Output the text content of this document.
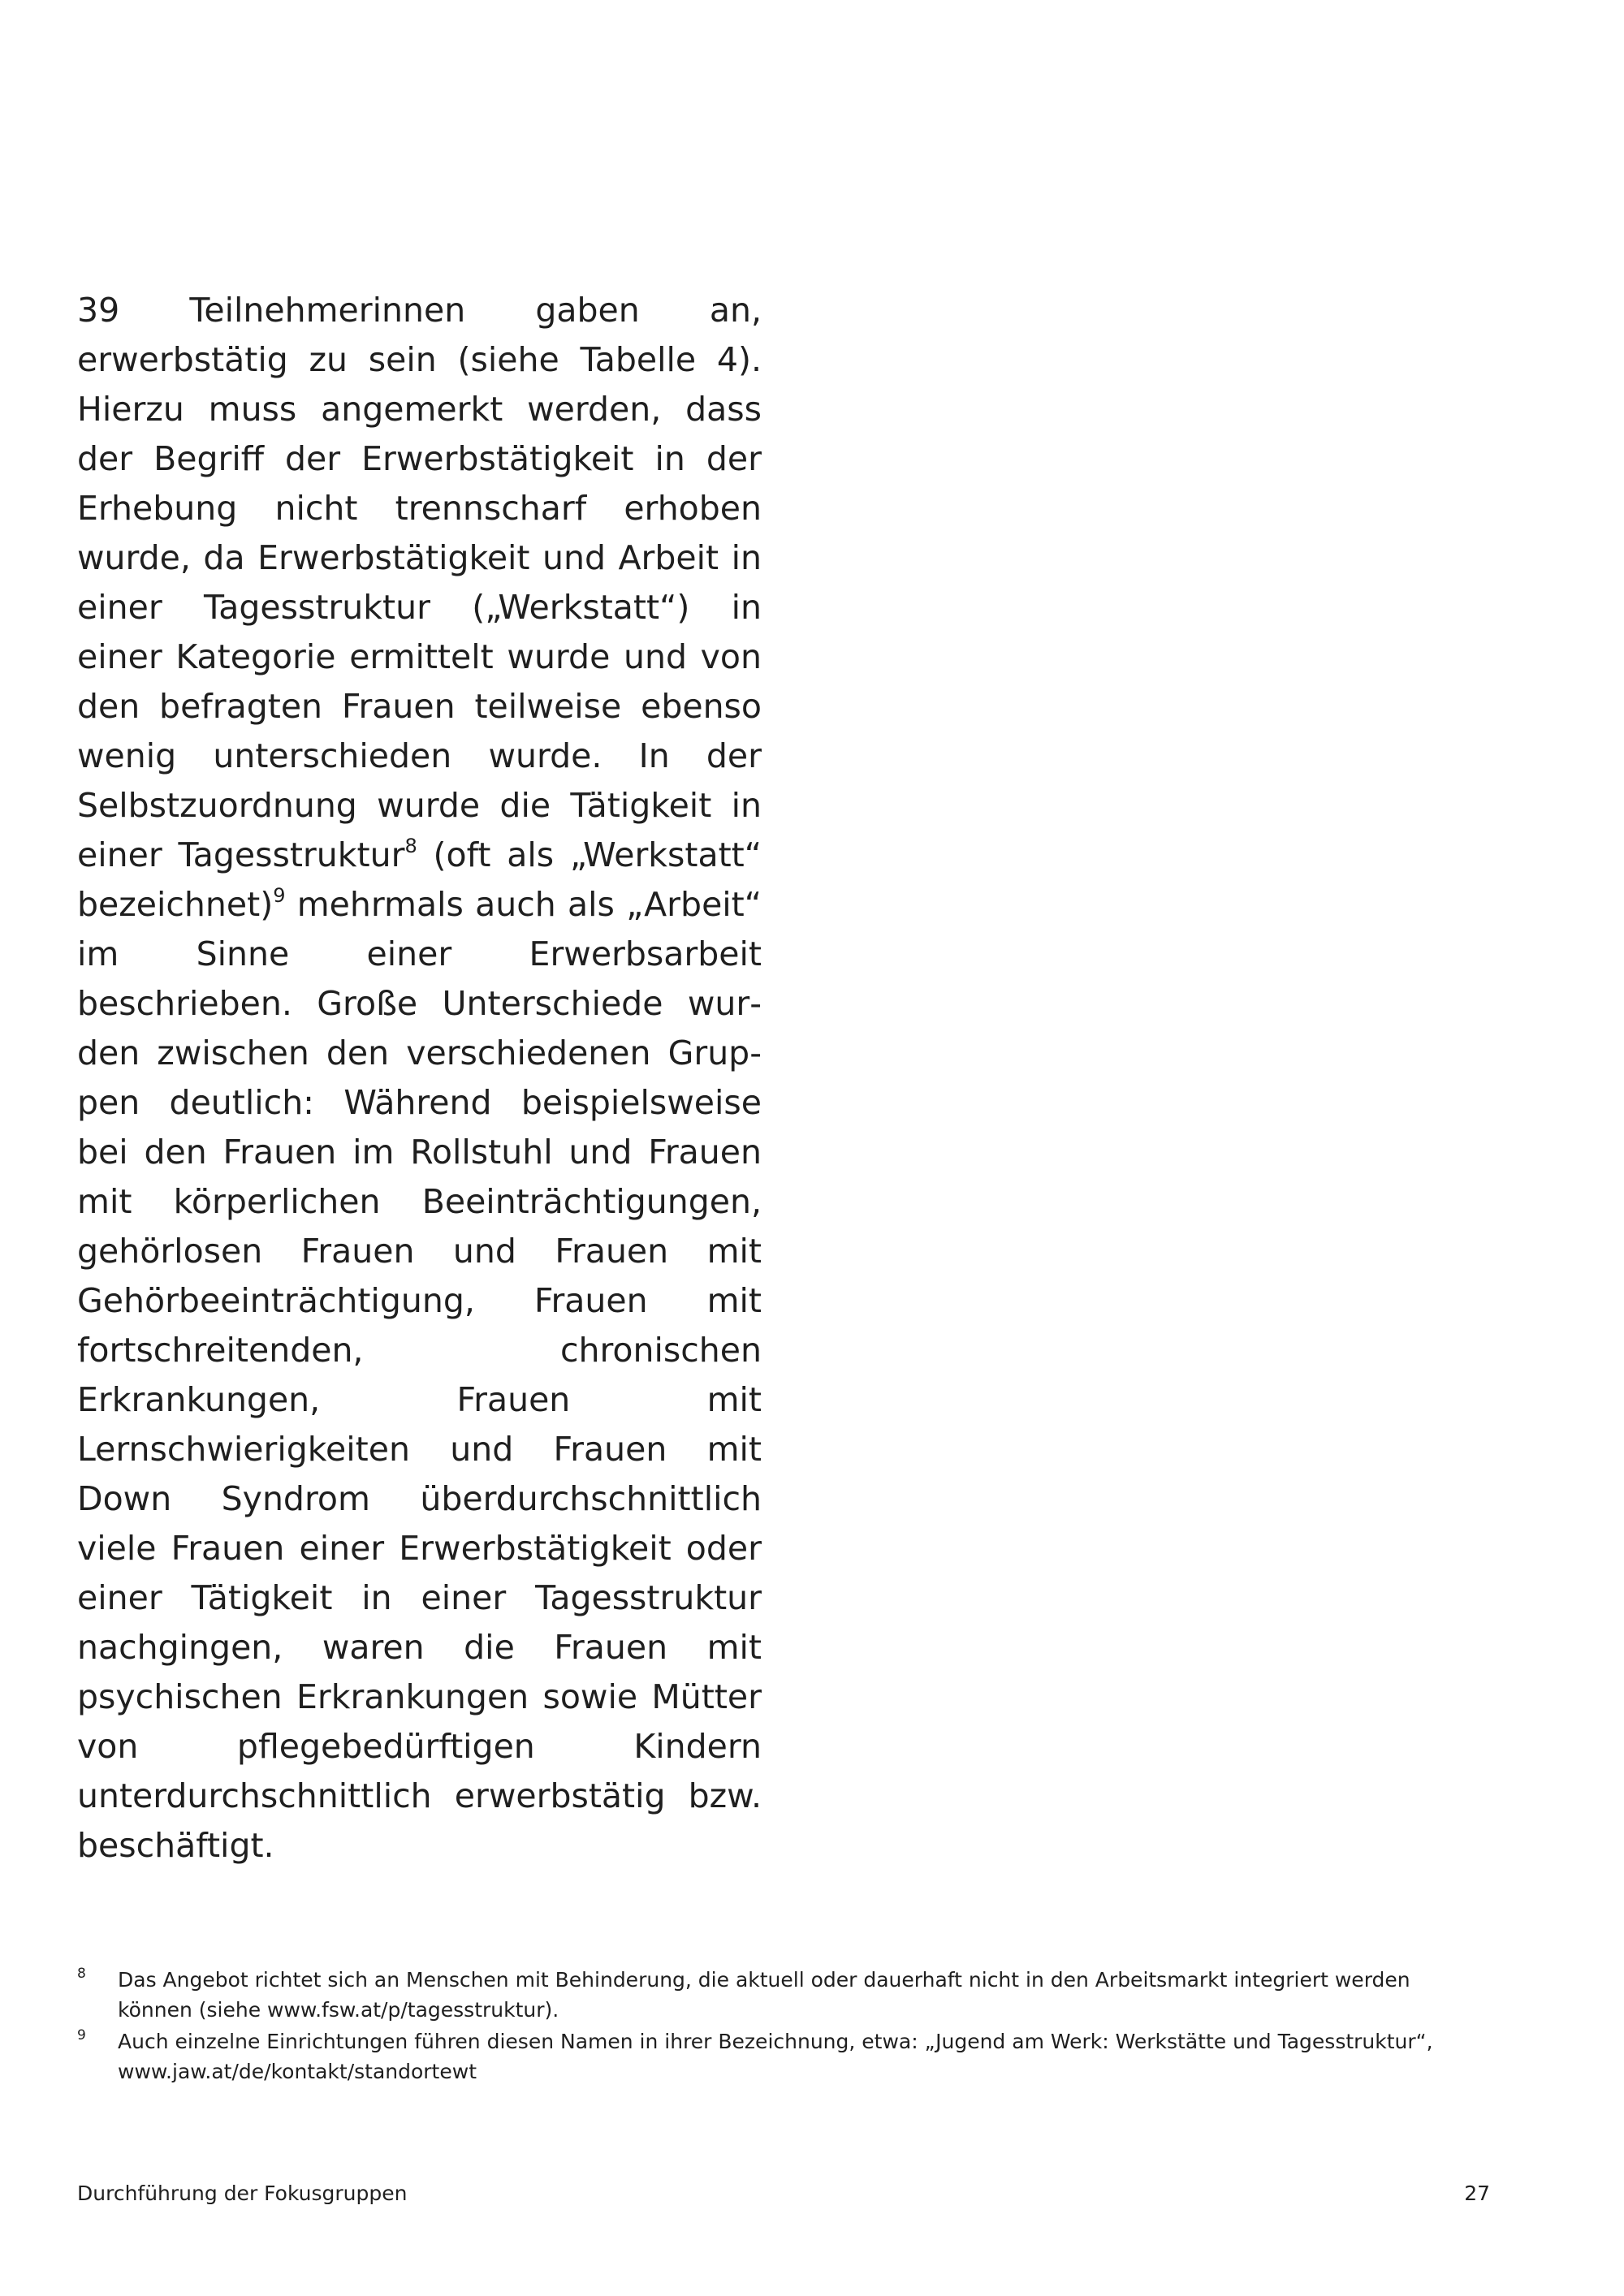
39 Teilnehmerinnen gaben an, erwerbstätig zu sein (siehe Tabelle 4). Hierzu muss angemerkt werden, dass der Begriff der Erwerbstätigkeit in der Erhebung nicht trennscharf erhoben wurde, da Erwerbstätigkeit und Arbeit in einer Tagesstruktur („Werkstatt“) in einer Kategorie ermittelt wurde und von den befragten Frauen teilweise ebenso wenig unterschieden wurde. In der Selbstzuordnung wurde die Tätigkeit in einer Tagesstruktur$^8$ (oft als „Werkstatt“ bezeichnet)$^9$ mehrmals auch als „Arbeit“ im Sinne einer Erwerbsarbeit beschrieben. Große Unterschiede wurden zwischen den verschiedenen Gruppen deutlich: Während beispielsweise bei den Frauen im Rollstuhl und Frauen mit körperlichen Beeinträchtigungen, gehörlosen Frauen und Frauen mit Gehörbeeinträchtigung, Frauen mit fortschreitenden, chronischen Erkrankungen, Frauen mit Lernschwierigkeiten und Frauen mit Down Syndrom überdurchschnittlich viele Frauen einer Erwerbstätigkeit oder einer Tätigkeit in einer Tagesstruktur nachgingen, waren die Frauen mit psychischen Erkrankungen sowie Mütter von pflegebedürftigen Kindern unterdurchschnittlich erwerbstätig bzw. beschäftigt.

8 Das Angebot richtet sich an Menschen mit Behinderung, die aktuell oder dauerhaft nicht in den Arbeitsmarkt integriert werden können (siehe www.fsw.at/p/tagesstruktur).
9 Auch einzelne Einrichtungen führen diesen Namen in ihrer Bezeichnung, etwa: „Jugend am Werk: Werkstätte und Tagesstruktur“, www.jaw.at/de/kontakt/standortewt
Durchführung der Fokusgruppen	27
